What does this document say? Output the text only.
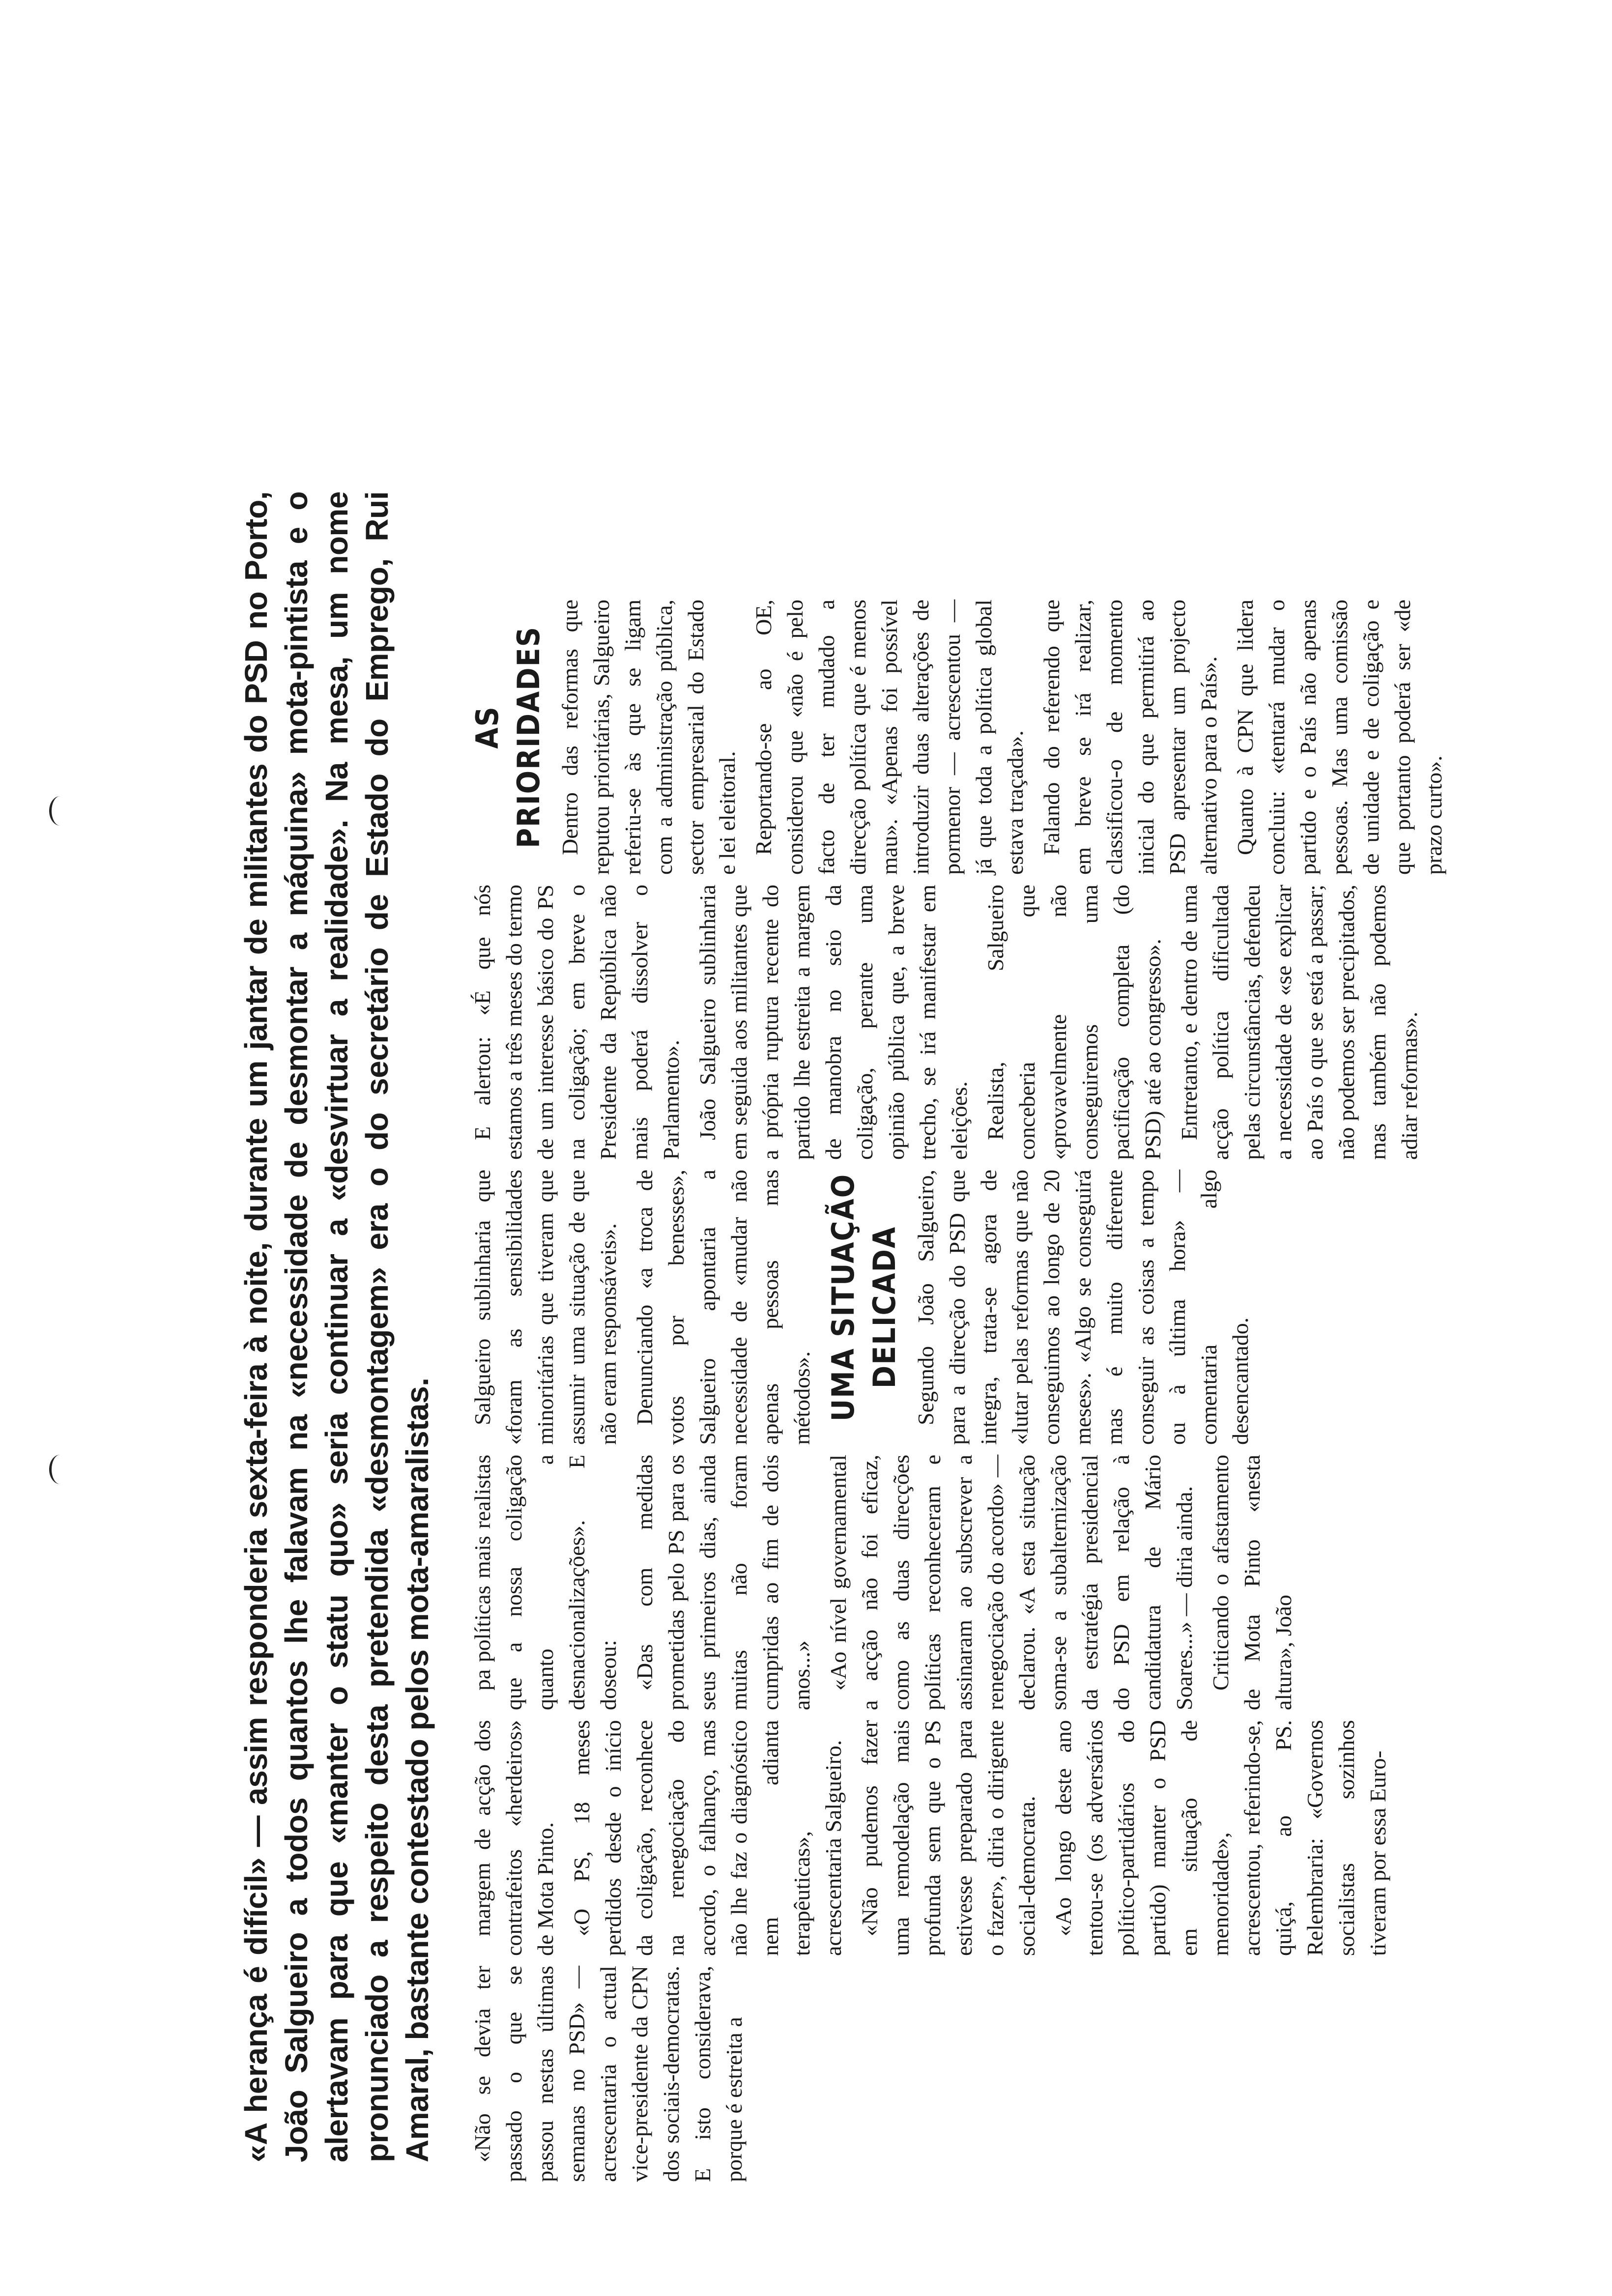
«A herança é difícil» — assim responderia sexta-feira à noite, durante um jantar de militantes do PSD no Porto, João Salgueiro a todos quantos lhe falavam na «necessidade de desmontar a máquina» mota-pintista e o alertavam para que «manter o statu quo» seria continuar a «desvirtuar a realidade». Na mesa, um nome pronunciado a respeito desta pretendida «desmontagem» era o do secretário de Estado do Emprego, Rui Amaral, bastante contestado pelos mota-amaralistas. «Não se devia ter passado o que se passou nestas últimas semanas no PSD» — acrescentaria o actual vice-presidente da CPN dos sociais-democratas. E isto considerava, porque é estreita a

margem de acção dos contrafeitos «herdeiros» de Mota Pinto. «O PS, 18 meses perdidos desde o início da coligação, reconhece na renegociação do acordo, o falhanço, mas não lhe faz o diagnóstico nem adianta terapêuticas», acrescentaria Salgueiro. «Não pudemos fazer uma remodelação mais profunda sem que o PS estivesse preparado para o fazer», diria o dirigente social-democrata. «Ao longo deste ano tentou-se (os adversários político-partidários do partido) manter o PSD em situação de menoridade», acrescentou, referindo-se, quiçá, ao PS. Relembraria: «Governos socialistas sozinhos tiveram por essa Euro-

pa políticas mais realistas que a nossa coligação quanto a desnacionalizações». E doseou: «Das com medidas prometidas pelo PS para os seus primeiros dias, ainda muitas não foram cumpridas ao fim de dois anos...» «Ao nível governamental a acção não foi eficaz, como as duas direcções políticas reconheceram e assinaram ao subscrever a renegociação do acordo» — declarou. «A esta situação soma-se a subalternização da estratégia presidencial do PSD em relação à candidatura de Mário Soares...» — diria ainda. Criticando o afastamento de Mota Pinto «nesta altura», João

Salgueiro sublinharia que «foram as sensibilidades minoritárias que tiveram que assumir uma situação de que não eram responsáveis». Denunciando «a troca de votos por benesses», Salgueiro apontaria a necessidade de «mudar não apenas pessoas mas métodos». UMA SITUAÇÃO DELICADA Segundo João Salgueiro, para a direcção do PSD que integra, trata-se agora de «lutar pelas reformas que não conseguimos ao longo de 20 meses». «Algo se conseguirá mas é muito diferente conseguir as coisas a tempo ou à última hora» — comentaria algo desencantado.

E alertou: «É que nós estamos a três meses do termo de um interesse básico do PS na coligação; em breve o Presidente da República não mais poderá dissolver o Parlamento». João Salgueiro sublinharia em seguida aos militantes que a própria ruptura recente do partido lhe estreita a margem de manobra no seio da coligação, perante uma opinião pública que, a breve trecho, se irá manifestar em eleições. Realista, Salgueiro conceberia que «provavelmente não conseguiremos uma pacificação completa (do PSD) até ao congresso». Entretanto, e dentro de uma acção política dificultada pelas circunstâncias, defendeu a necessidade de «se explicar ao País o que se está a passar; não podemos ser precipitados, mas também não podemos adiar reformas».

AS PRIORIDADES Dentro das reformas que reputou prioritárias, Salgueiro referiu-se às que se ligam com a administração pública, sector empresarial do Estado e lei eleitoral. Reportando-se ao OE, considerou que «não é pelo facto de ter mudado a direcção política que é menos mau». «Apenas foi possível introduzir duas alterações de pormenor — acrescentou — já que toda a política global estava traçada». Falando do referendo que em breve se irá realizar, classificou-o de momento inicial do que permitirá ao PSD apresentar um projecto alternativo para o País». Quanto à CPN que lidera concluiu: «tentará mudar o partido e o País não apenas pessoas. Mas uma comissão de unidade e de coligação e que portanto poderá ser «de prazo curto».
